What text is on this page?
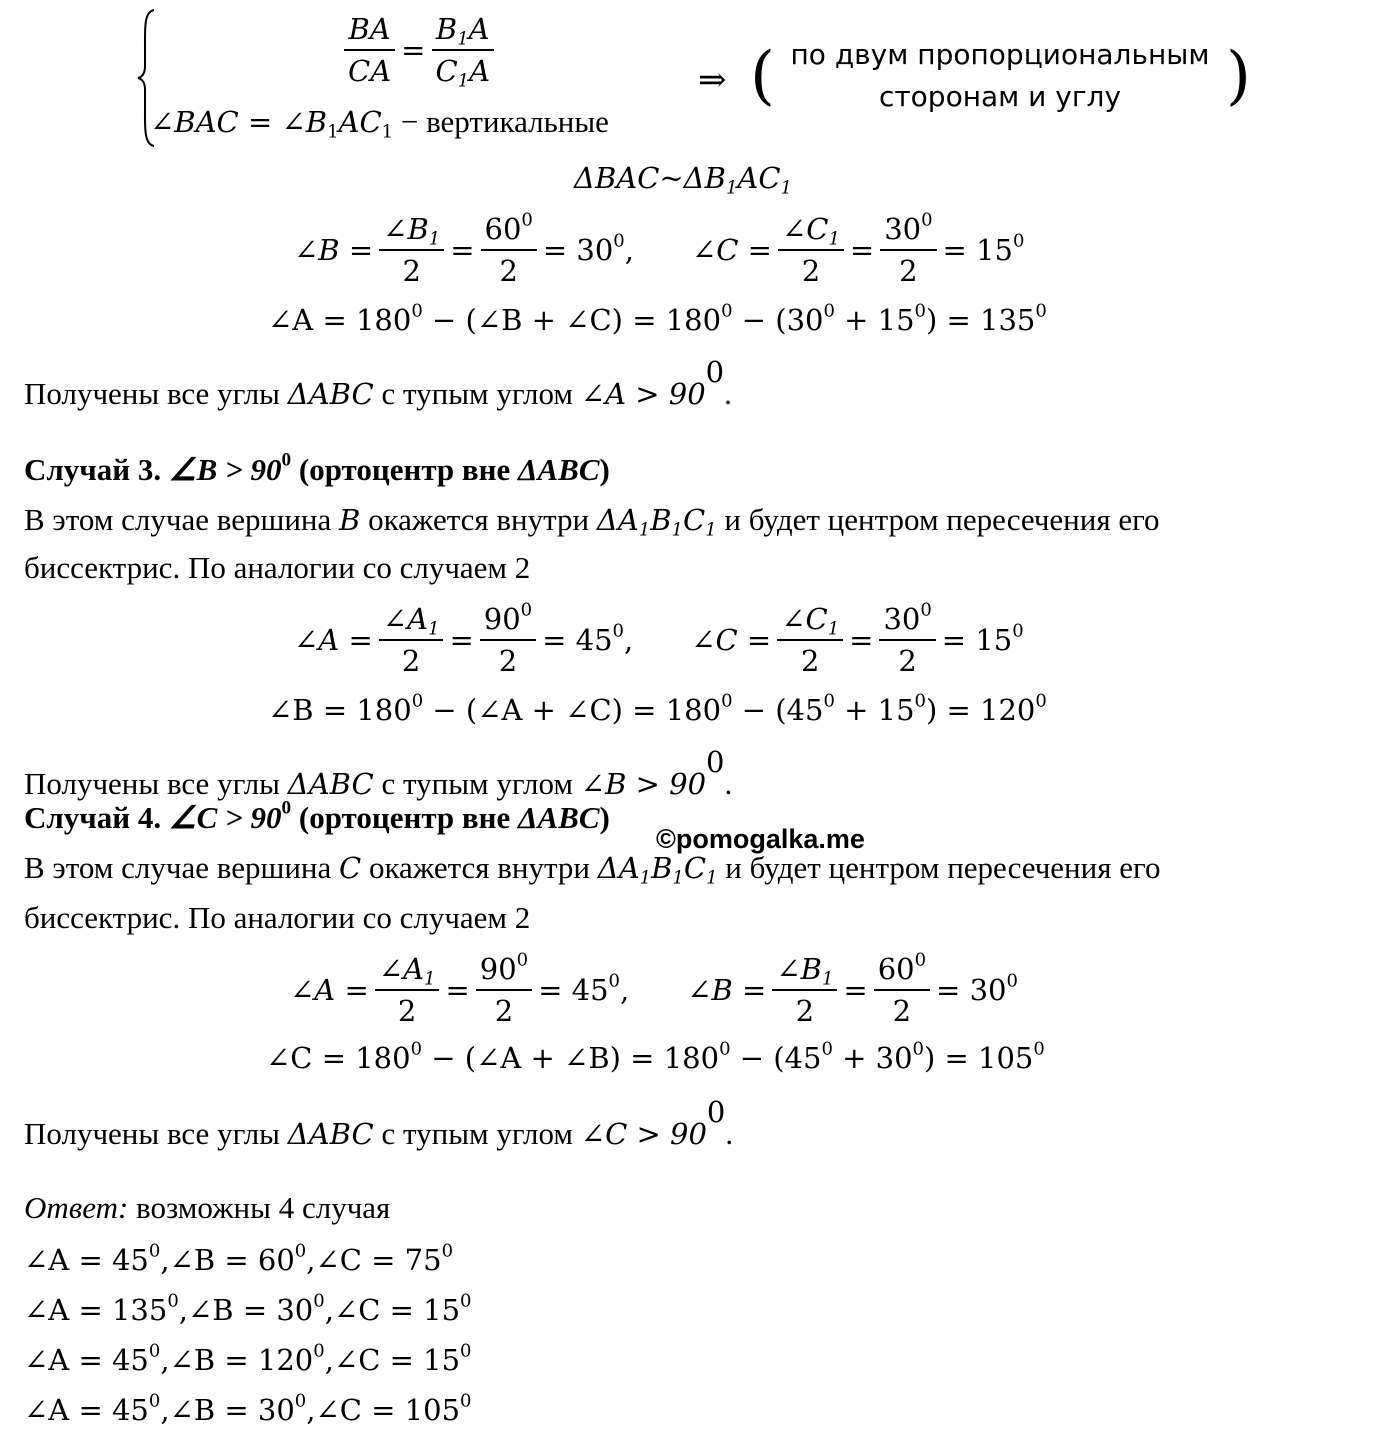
$\frac{BA}{CA} = \frac{B_1A}{C_1A}$
∠BAC = $\angle B_1AC_1$ − вертикальные
⇒ (	)
по двум пропорциональным
сторонам и углу
$\Delta BAC\sim\Delta B_1AC_1$
∠B = $\frac{\angle B_1}{2} = \frac{60^0}{2} = 30^0$, ∠C = $\frac{\angle C_1}{2} = \frac{30^0}{2} = 15^0$
∠A = $180^0$ − (∠B + ∠C) = $180^0 - (30^0 + 15^0) = 135^0$
Получены все углы ΔABC с тупым углом ∠A > $90^0$.
Случай 3. ∠B > $90^0$ (ортоцентр вне ΔABC)
В этом случае вершина B окажется внутри $\Delta A_1B_1C_1$ и будет центром пересечения его
биссектрис. По аналогии со случаем 2
∠A = $\frac{\angle A_1}{2} = \frac{90^0}{2} = 45^0$, ∠C = $\frac{\angle C_1}{2} = \frac{30^0}{2} = 15^0$
∠B = $180^0$ − (∠A + ∠C) = $180^0 - (45^0 + 15^0) = 120^0$
Получены все углы ΔABC с тупым углом ∠B > $90^0$.
Случай 4. ∠C > $90^0$ (ортоцентр вне ΔABC)
©pomogalka.me
В этом случае вершина C окажется внутри $\Delta A_1B_1C_1$ и будет центром пересечения его
биссектрис. По аналогии со случаем 2
∠A = $\frac{\angle A_1}{2} = \frac{90^0}{2} = 45^0$, ∠B = $\frac{\angle B_1}{2} = \frac{60^0}{2} = 30^0$
∠C = $180^0$ − (∠A + ∠B) = $180^0 - (45^0 + 30^0) = 105^0$
Получены все углы ΔABC с тупым углом ∠C > $90^0$.
Ответ: возможны 4 случая
∠A = $45^0,\angle B$ = $60^0,\angle C = 75^0$
∠A = $135^0,\angle B$ = $30^0,\angle C = 15^0$
∠A = $45^0,\angle B$ = $120^0,\angle C = 15^0$
∠A = $45^0,\angle B$ = $30^0,\angle C = 105^0$
